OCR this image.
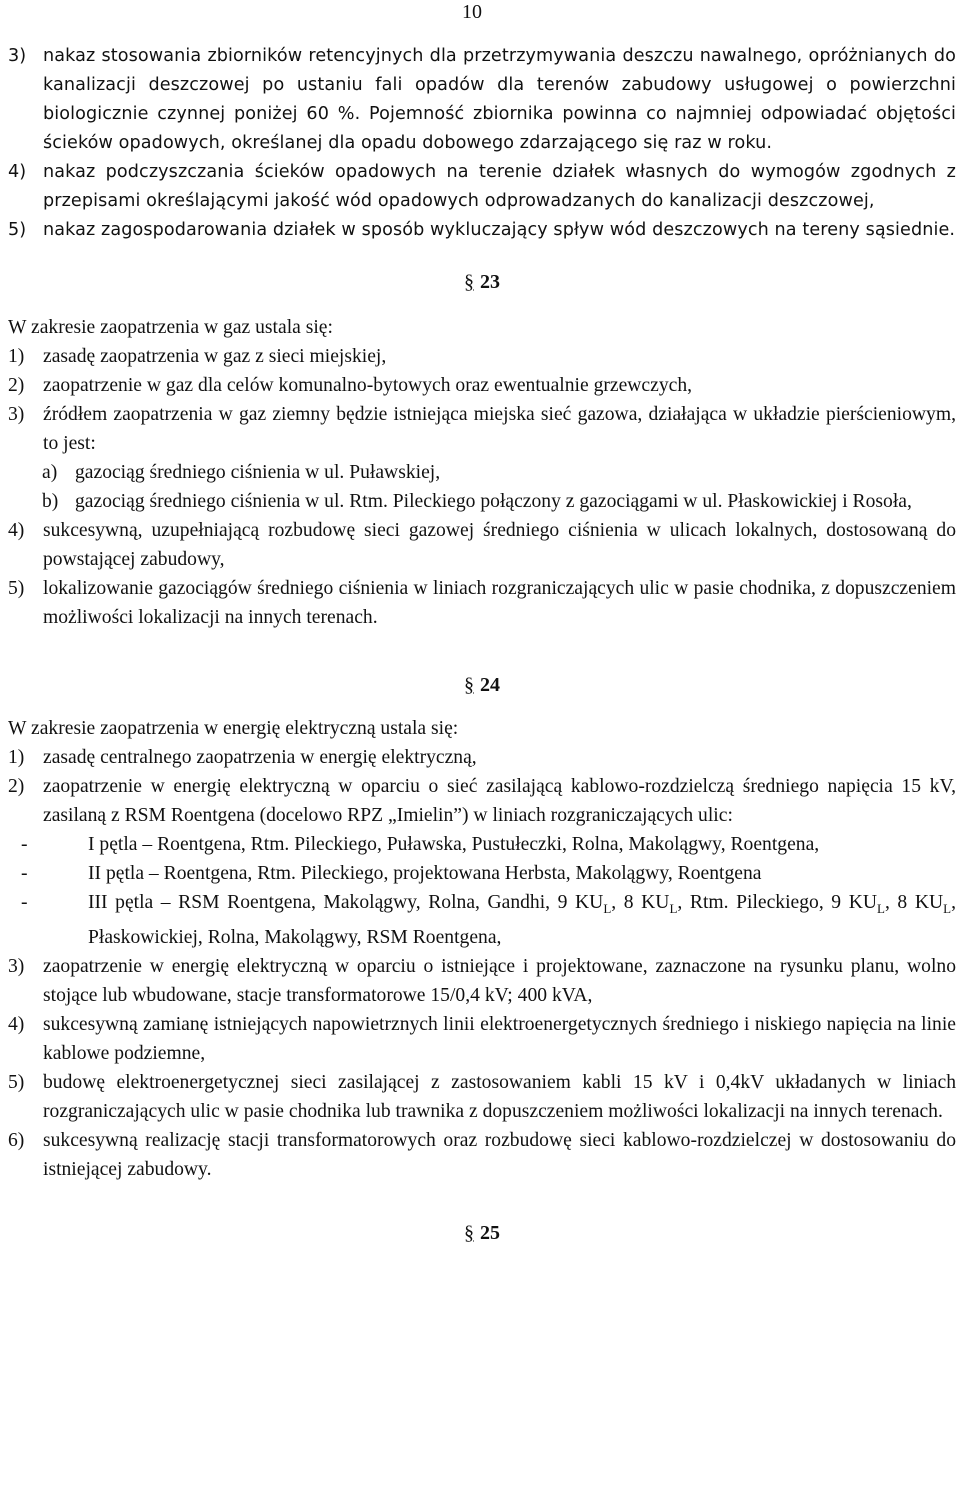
10

3) nakaz stosowania zbiorników retencyjnych dla przetrzymywania deszczu nawalnego, opróżnianych do kanalizacji deszczowej po ustaniu fali opadów dla terenów zabudowy usługowej o powierzchni biologicznie czynnej poniżej 60 %. Pojemność zbiornika powinna co najmniej odpowiadać objętości ścieków opadowych, określanej dla opadu dobowego zdarzającego się raz w roku.

4) nakaz podczyszczania ścieków opadowych na terenie działek własnych do wymogów zgodnych z przepisami określającymi jakość wód opadowych odprowadzanych do kanalizacji deszczowej,

5) nakaz zagospodarowania działek w sposób wykluczający spływ wód deszczowych na tereny sąsiednie.

§ 23

W zakresie zaopatrzenia w gaz ustala się:

1) zasadę zaopatrzenia w gaz z sieci miejskiej,

2) zaopatrzenie w gaz dla celów komunalno-bytowych oraz ewentualnie grzewczych,

3) źródłem zaopatrzenia w gaz ziemny będzie istniejąca miejska sieć gazowa, działająca w układzie pierścieniowym, to jest:

a) gazociąg średniego ciśnienia w ul. Puławskiej,

b) gazociąg średniego ciśnienia w ul. Rtm. Pileckiego połączony z gazociągami w ul. Płaskowickiej i Rosoła,

4) sukcesywną, uzupełniającą rozbudowę sieci gazowej średniego ciśnienia w ulicach lokalnych, dostosowaną do powstającej zabudowy,

5) lokalizowanie gazociągów średniego ciśnienia w liniach rozgraniczających ulic w pasie chodnika, z dopuszczeniem możliwości lokalizacji na innych terenach.

§ 24

W zakresie zaopatrzenia w energię elektryczną ustala się:

1) zasadę centralnego zaopatrzenia w energię elektryczną,

2) zaopatrzenie w energię elektryczną w oparciu o sieć zasilającą kablowo-rozdzielczą średniego napięcia 15 kV, zasilaną z RSM Roentgena (docelowo RPZ „Imielin”) w liniach rozgraniczających ulic:

-	I pętla – Roentgena, Rtm. Pileckiego, Puławska, Pustułeczki, Rolna, Makolągwy, Roentgena,

-	II pętla – Roentgena, Rtm. Pileckiego, projektowana Herbsta, Makolągwy, Roentgena

-	III pętla – RSM Roentgena, Makolągwy, Rolna, Gandhi, 9 $KU_L$, 8 $KU_L$, Rtm. Pileckiego, 9 $KU_L$, 8 $KU_L$, Płaskowickiej, Rolna, Makolągwy, RSM Roentgena,

3) zaopatrzenie w energię elektryczną w oparciu o istniejące i projektowane, zaznaczone na rysunku planu, wolno stojące lub wbudowane, stacje transformatorowe 15/0,4 kV; 400 kVA,

4) sukcesywną zamianę istniejących napowietrznych linii elektroenergetycznych średniego i niskiego napięcia na linie kablowe podziemne,

5) budowę elektroenergetycznej sieci zasilającej z zastosowaniem kabli 15 kV i 0,4kV układanych w liniach rozgraniczających ulic w pasie chodnika lub trawnika z dopuszczeniem możliwości lokalizacji na innych terenach.

6) sukcesywną realizację stacji transformatorowych oraz rozbudowę sieci kablowo-rozdzielczej w dostosowaniu do istniejącej zabudowy.

§ 25
